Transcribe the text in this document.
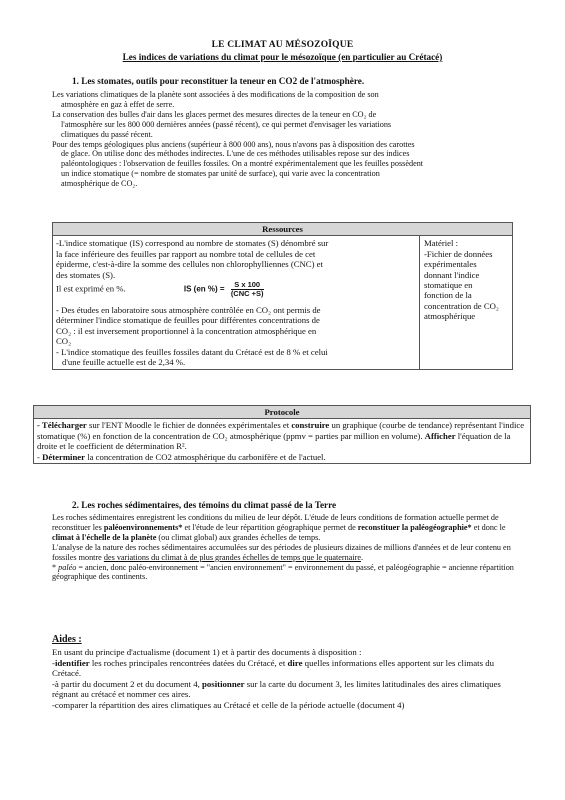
LE CLIMAT AU MÉSOZOÏQUE
Les indices de variations du climat pour le mésozoïque (en particulier au Crétacé)
1. Les stomates, outils pour reconstituer la teneur en CO2 de l'atmosphère.
Les variations climatiques de la planète sont associées à des modifications de la composition de son
atmosphère en gaz à effet de serre.
La conservation des bulles d'air dans les glaces permet des mesures directes de la teneur en CO₂ de
l'atmosphère sur les 800 000 dernières années (passé récent), ce qui permet d'envisager les variations
climatiques du passé récent.
Pour des temps géologiques plus anciens (supérieur à 800 000 ans), nous n'avons pas à disposition des carottes
de glace. On utilise donc des méthodes indirectes. L'une de ces méthodes utilisables repose sur des indices
paléontologiques : l'observation de feuilles fossiles. On a montré expérimentalement que les feuilles possèdent
un indice stomatique (= nombre de stomates par unité de surface), qui varie avec la concentration
atmosphérique de CO₂.
Ressources

-L'indice stomatique (IS) correspond au nombre de stomates (S) dénombré sur
la face inférieure des feuilles par rapport au nombre total de cellules de cet
épiderme, c'est-à-dire la somme des cellules non chlorophylliennes (CNC) et
des stomates (S).
Il est exprimé en %.	IS (en %) = $\frac{\text{S x 100}}{\text{(CNC +S)}}$
- Des études en laboratoire sous atmosphère contrôlée en CO₂ ont permis de
déterminer l'indice stomatique de feuilles pour différentes concentrations de
CO₂ : il est inversement proportionnel à la concentration atmosphérique en
CO₂
- L'indice stomatique des feuilles fossiles datant du Crétacé est de 8 % et celui
d'une feuille actuelle est de 2,34 %.

Matériel :
-Fichier de données
expérimentales
donnant l'indice
stomatique en
fonction de la
concentration de CO₂
atmosphérique
Protocole

- Télécharger sur l'ENT Moodle le fichier de données expérimentales et construire un graphique (courbe de tendance) représentant l'indice stomatique (%) en fonction de la concentration de CO₂ atmosphérique (ppmv = parties par million en volume). Afficher l'équation de la droite et le coefficient de détermination R².
- Déterminer la concentration de CO2 atmosphérique du carbonifère et de l'actuel.
2. Les roches sédimentaires, des témoins du climat passé de la Terre
Les roches sédimentaires enregistrent les conditions du milieu de leur dépôt. L'étude de leurs conditions de formation actuelle permet de reconstituer les paléoenvironnements* et l'étude de leur répartition géographique permet de reconstituer la paléogéographie* et donc le climat à l'échelle de la planète (ou climat global) aux grandes échelles de temps.
L'analyse de la nature des roches sédimentaires accumulées sur des périodes de plusieurs dizaines de millions d'années et de leur contenu en fossiles montre des variations du climat à de plus grandes échelles de temps que le quaternaire.
* paléo = ancien, donc paléo-environnement = "ancien environnement" = environnement du passé, et paléogéographie = ancienne répartition géographique des continents.
Aides :
En usant du principe d'actualisme (document 1) et à partir des documents à disposition :
-identifier les roches principales rencontrées datées du Crétacé, et dire quelles informations elles apportent sur les climats du Crétacé.
-à partir du document 2 et du document 4, positionner sur la carte du document 3, les limites latitudinales des aires climatiques régnant au crétacé et nommer ces aires.
-comparer la répartition des aires climatiques au Crétacé et celle de la période actuelle (document 4)
